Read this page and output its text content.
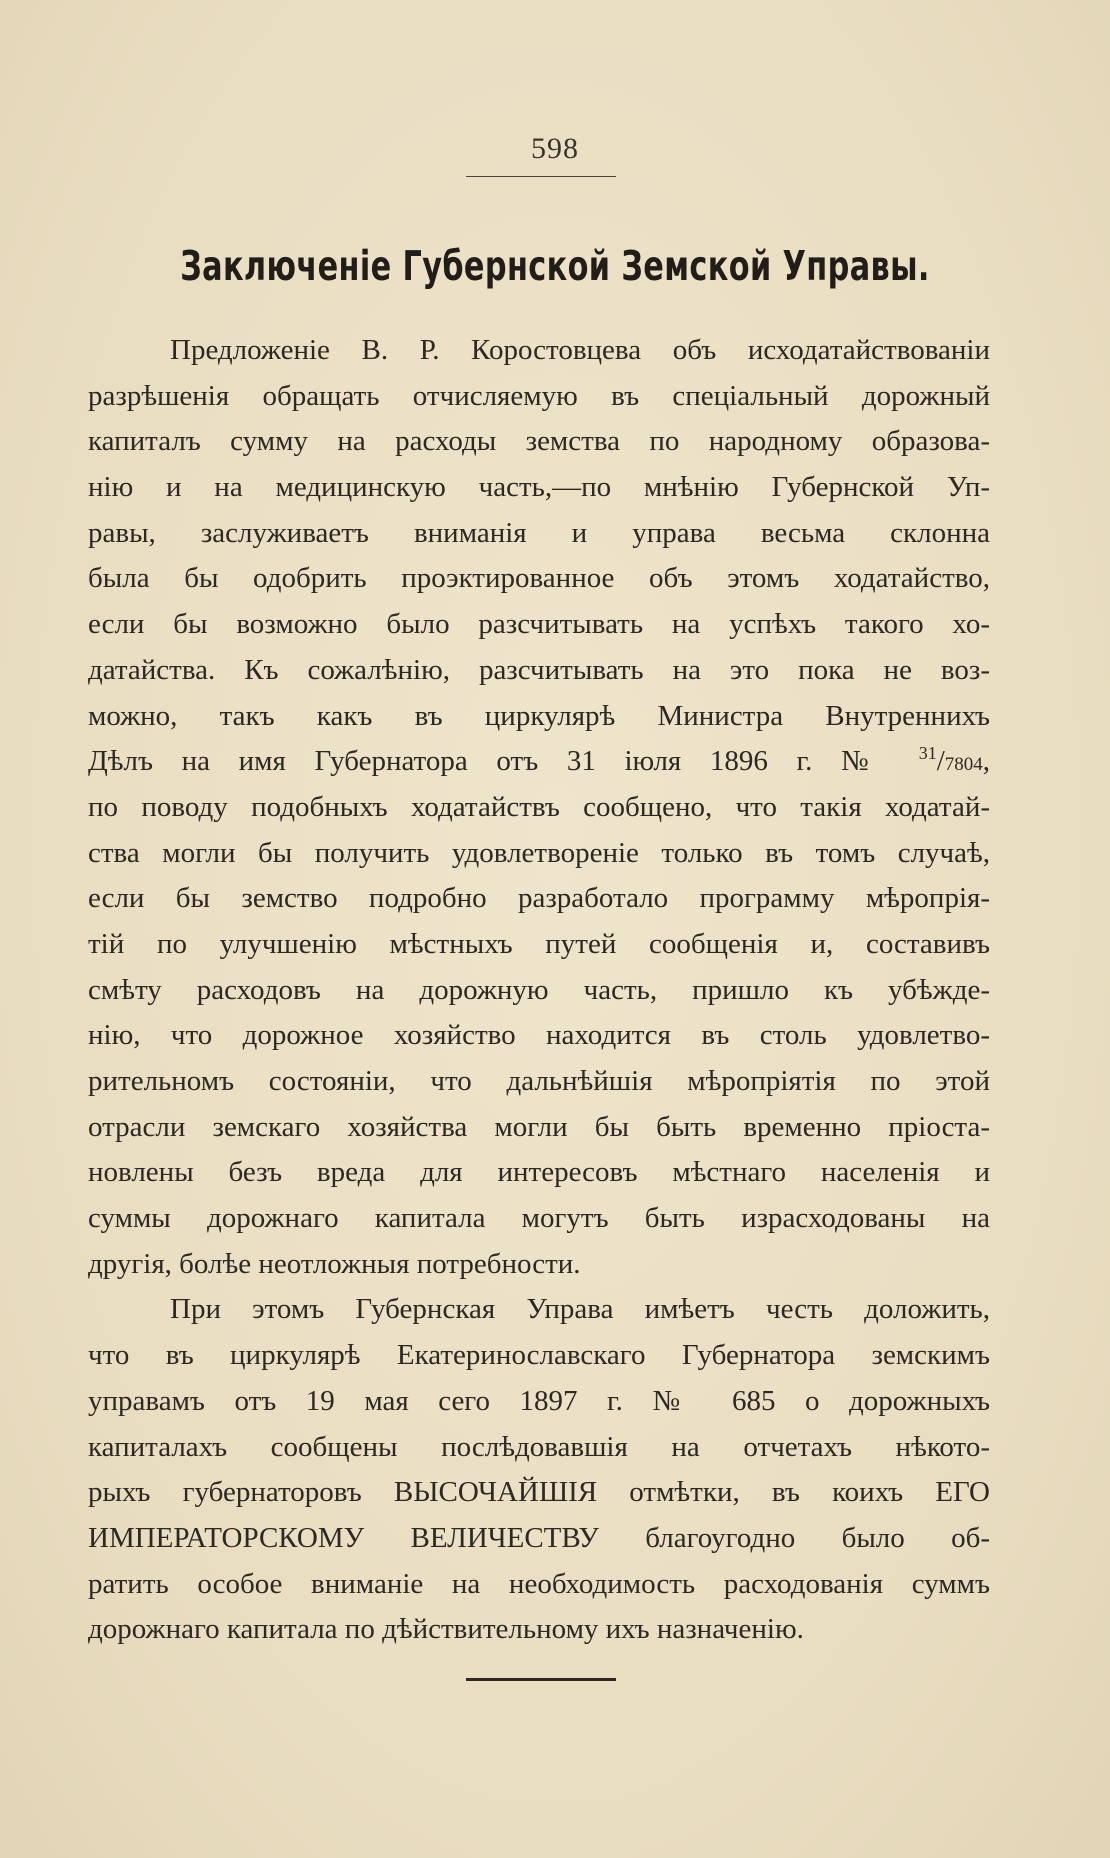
598
Заключеніе Губернской Земской Управы.
Предложеніе В. Р. Коростовцева объ исходатайствованіи
разрѣшенія обращать отчисляемую въ спеціальный дорожный
капиталъ сумму на расходы земства по народному образова-
нію и на медицинскую часть,—по мнѣнію Губернской Уп-
равы, заслуживаетъ вниманія и управа весьма склонна
была бы одобрить проэктированное объ этомъ ходатайство,
если бы возможно было разсчитывать на успѣхъ такого хо-
датайства. Къ сожалѣнію, разсчитывать на это пока не воз-
можно, такъ какъ въ циркулярѣ Министра Внутреннихъ
Дѣлъ на имя Губернатора отъ 31 іюля 1896 г. № $^{31}$/7804,
по поводу подобныхъ ходатайствъ сообщено, что такія ходатай-
ства могли бы получить удовлетвореніе только въ томъ случаѣ,
если бы земство подробно разработало программу мѣропрія-
тій по улучшенію мѣстныхъ путей сообщенія и, составивъ
смѣту расходовъ на дорожную часть, пришло къ убѣжде-
нію, что дорожное хозяйство находится въ столь удовлетво-
рительномъ состояніи, что дальнѣйшія мѣропріятія по этой
отрасли земскаго хозяйства могли бы быть временно пріоста-
новлены безъ вреда для интересовъ мѣстнаго населенія и
суммы дорожнаго капитала могутъ быть израсходованы на
другія, болѣе неотложныя потребности.
При этомъ Губернская Управа имѣетъ честь доложить,
что въ циркулярѣ Екатеринославскаго Губернатора земскимъ
управамъ отъ 19 мая сего 1897 г. № 685 о дорожныхъ
капиталахъ сообщены послѣдовавшія на отчетахъ нѣкото-
рыхъ губернаторовъ ВЫСОЧАЙШІЯ отмѣтки, въ коихъ ЕГО
ИМПЕРАТОРСКОМУ ВЕЛИЧЕСТВУ благоугодно было об-
ратить особое вниманіе на необходимость расходованія суммъ
дорожнаго капитала по дѣйствительному ихъ назначенію.
